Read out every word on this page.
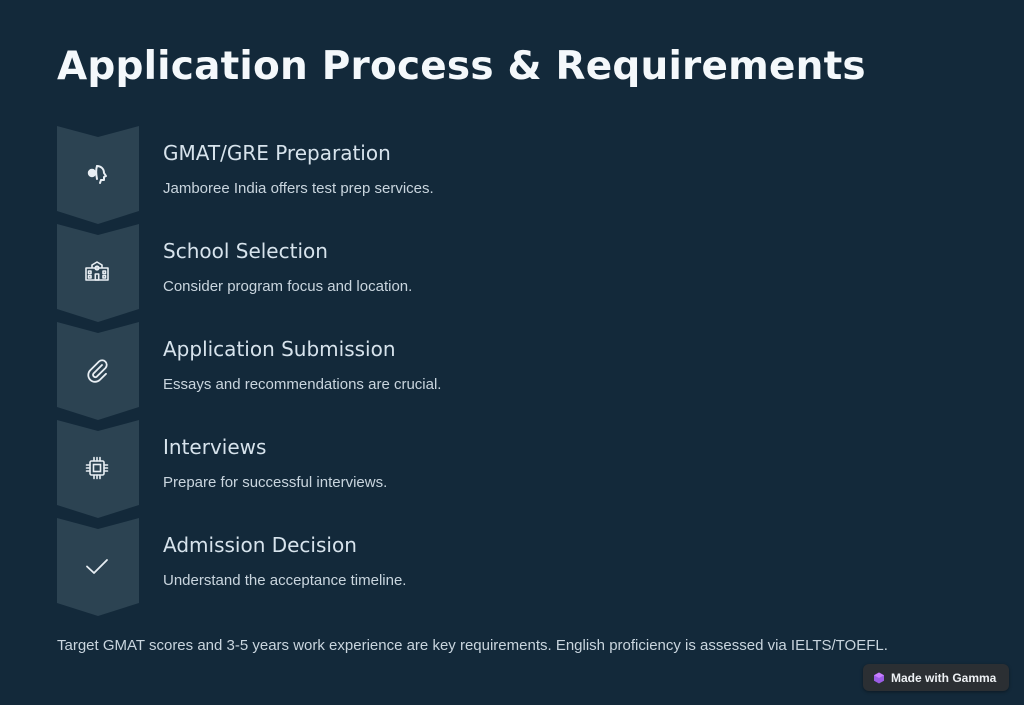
Application Process & Requirements
GMAT/GRE Preparation
Jamboree India offers test prep services.
School Selection
Consider program focus and location.
Application Submission
Essays and recommendations are crucial.
Interviews
Prepare for successful interviews.
Admission Decision
Understand the acceptance timeline.
Target GMAT scores and 3-5 years work experience are key requirements. English proficiency is assessed via IELTS/TOEFL.
Made with Gamma
